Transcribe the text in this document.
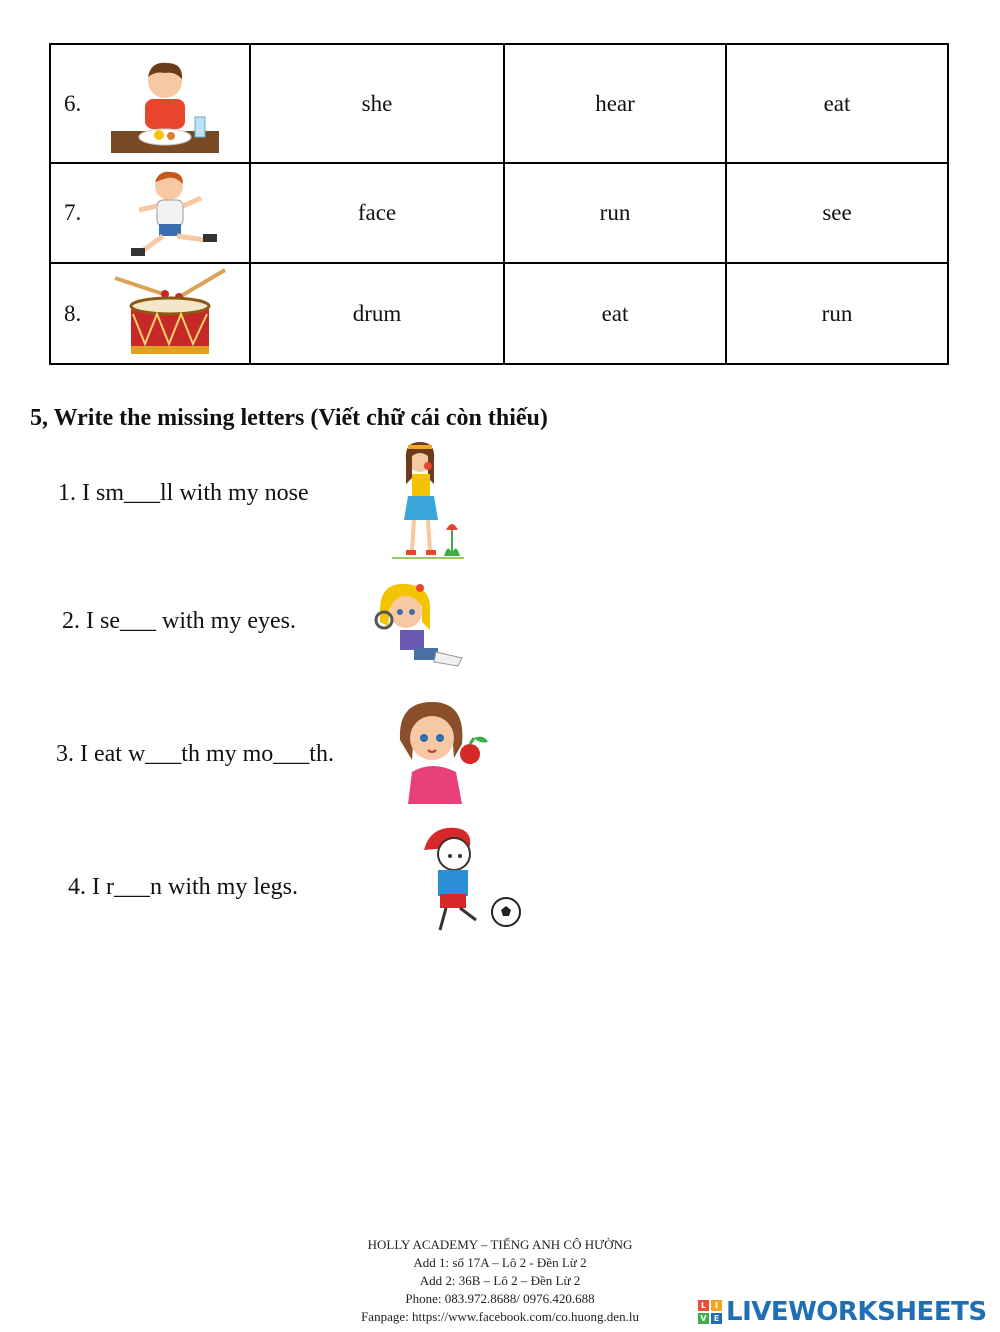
6.	she	hear	eat

7.	face	run	see

8.	drum	eat	run
5, Write the missing letters (Viết chữ cái còn thiếu)
1. I sm___ll with my nose
2. I se___ with my eyes.
3. I eat w___th my mo___th.
4. I r___n with my legs.
HOLLY ACADEMY – TIẾNG ANH CÔ HƯỜNG
Add 1: số 17A – Lô 2 - Đền Lừ 2
Add 2: 36B – Lô 2 – Đền Lừ 2
Phone: 083.972.8688/ 0976.420.688
Fanpage: https://www.facebook.com/co.huong.den.lu
L	I
V E LIVEWORKSHEETS
